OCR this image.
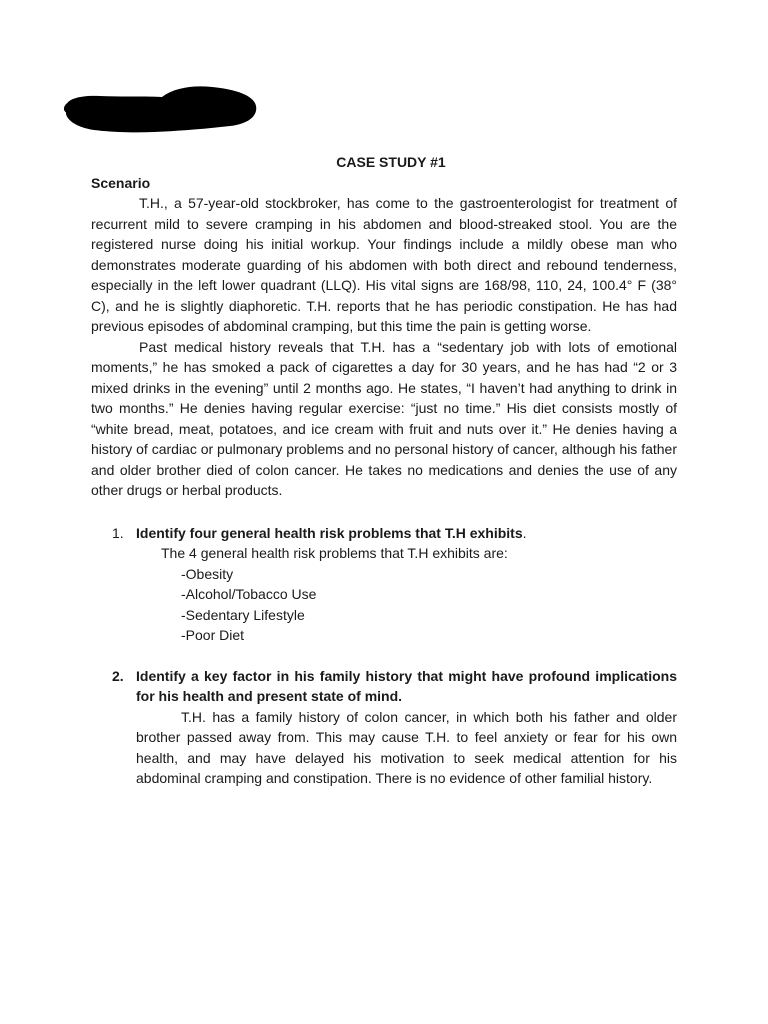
CASE STUDY #1

Scenario

T.H., a 57-year-old stockbroker, has come to the gastroenterologist for treatment of recurrent mild to severe cramping in his abdomen and blood-streaked stool. You are the registered nurse doing his initial workup. Your findings include a mildly obese man who demonstrates moderate guarding of his abdomen with both direct and rebound tenderness, especially in the left lower quadrant (LLQ). His vital signs are 168/98, 110, 24, 100.4° F (38° C), and he is slightly diaphoretic. T.H. reports that he has periodic constipation. He has had previous episodes of abdominal cramping, but this time the pain is getting worse.

Past medical history reveals that T.H. has a “sedentary job with lots of emotional moments,” he has smoked a pack of cigarettes a day for 30 years, and he has had “2 or 3 mixed drinks in the evening” until 2 months ago. He states, “I haven’t had anything to drink in two months.” He denies having regular exercise: “just no time.” His diet consists mostly of “white bread, meat, potatoes, and ice cream with fruit and nuts over it.” He denies having a history of cardiac or pulmonary problems and no personal history of cancer, although his father and older brother died of colon cancer. He takes no medications and denies the use of any other drugs or herbal products.

1. Identify four general health risk problems that T.H exhibits.

The 4 general health risk problems that T.H exhibits are:

-Obesity
-Alcohol/Tobacco Use
-Sedentary Lifestyle
-Poor Diet
2. Identify a key factor in his family history that might have profound implications for his health and present state of mind.

T.H. has a family history of colon cancer, in which both his father and older brother passed away from. This may cause T.H. to feel anxiety or fear for his own health, and may have delayed his motivation to seek medical attention for his abdominal cramping and constipation. There is no evidence of other familial history.
